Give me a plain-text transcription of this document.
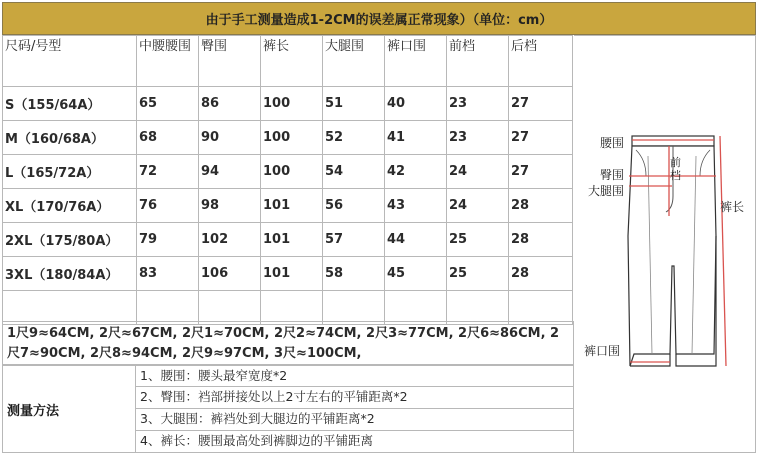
由于手工测量造成1-2CM的误差属正常现象）（单位：cm）
尺码/号型	中腰腰围	臀围	裤长	大腿围	裤口围	前档	后档
S（155/64A）	65	86	100	51	40	23	27
M（160/68A）	68	90	100	52	41	23	27
L（165/72A）	72	94	100	54	42	24	27
XL（170/76A）	76	98	101	56	43	24	28
2XL（175/80A）	79	102	101	57	44	25	28
3XL（180/84A）	83	106	101	58	45	25	28

1尺9≈64CM, 2尺≈67CM, 2尺1≈70CM, 2尺2≈74CM, 2尺3≈77CM, 2尺6≈86CM, 2尺7≈90CM, 2尺8≈94CM, 2尺9≈97CM, 3尺≈100CM,
测量方法
1、腰围：腰头最窄宽度*2
2、臀围：裆部拼接处以上2寸左右的平铺距离*2
3、大腿围：裤裆处到大腿边的平铺距离*2
4、裤长：腰围最高处到裤脚边的平铺距离
腰围
臀围
前档
大腿围
裤长
裤口围
